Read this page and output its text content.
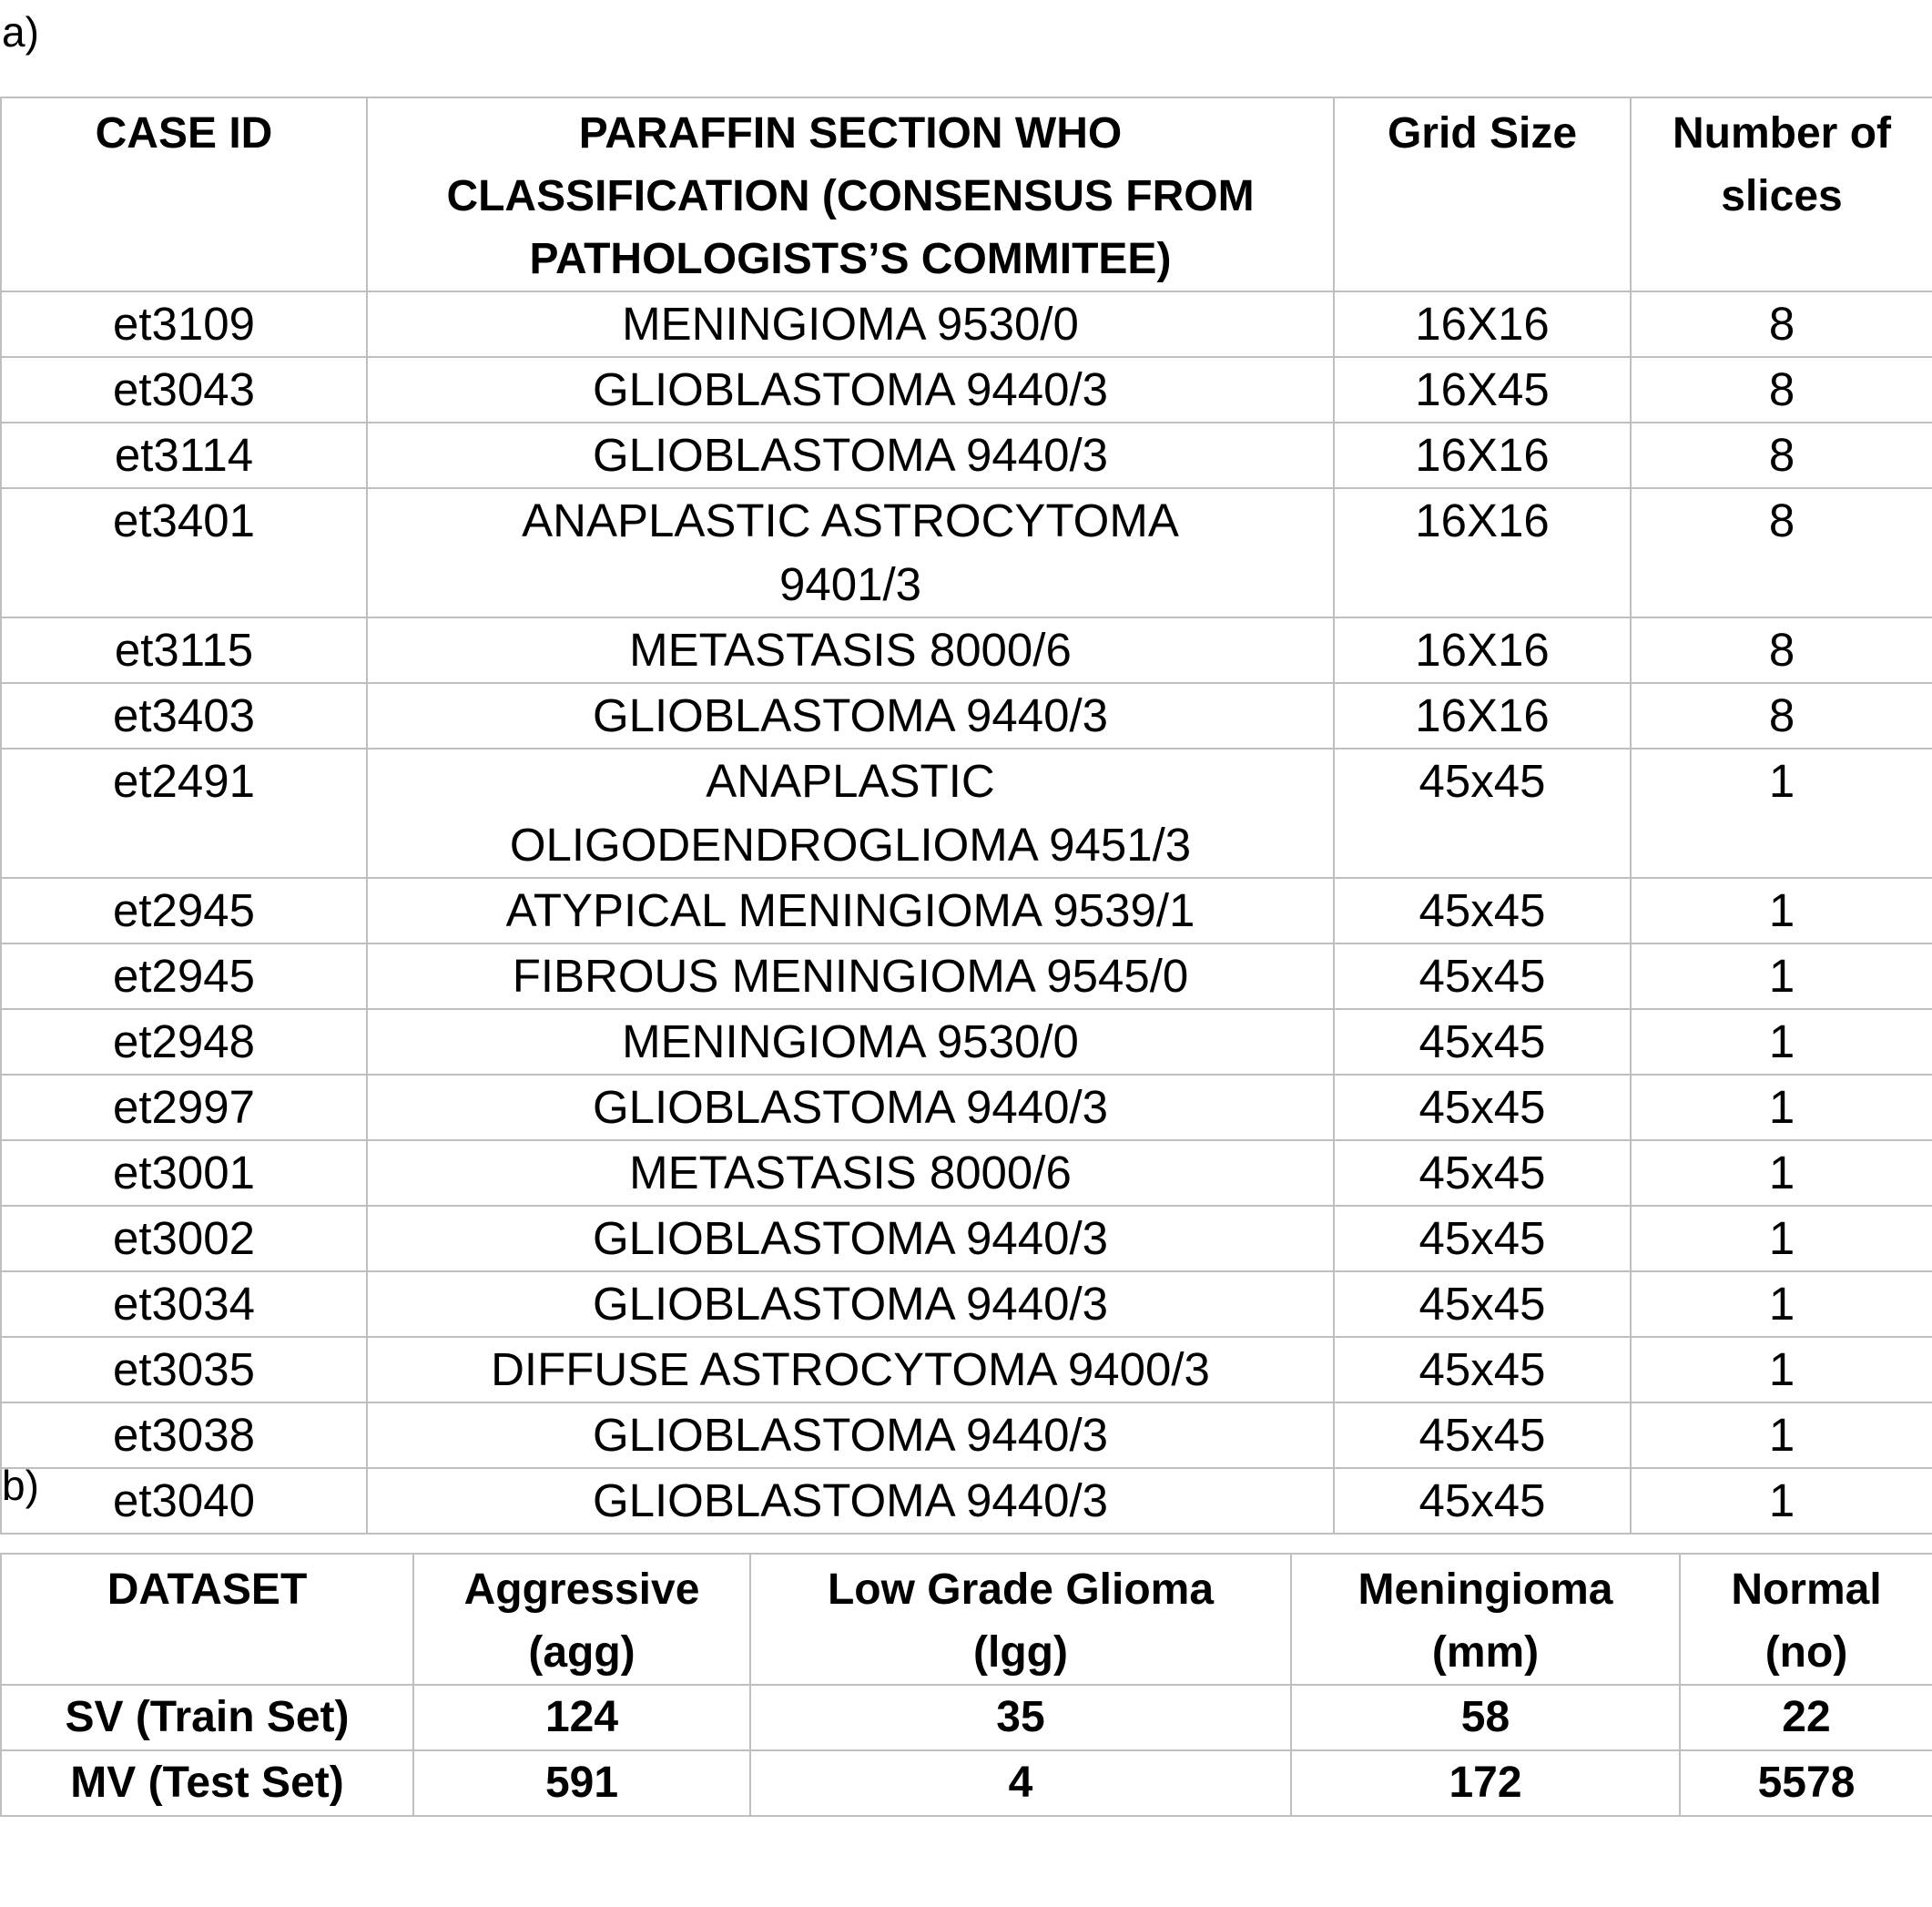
a)
CASE ID	PARAFFIN SECTION WHO CLASSIFICATION (CONSENSUS FROM PATHOLOGISTS’S COMMITEE)	Grid Size	Number of slices
et3109	MENINGIOMA 9530/0	16X16	8
et3043	GLIOBLASTOMA 9440/3	16X45	8
et3114	GLIOBLASTOMA 9440/3	16X16	8
et3401	ANAPLASTIC ASTROCYTOMA 9401/3	16X16	8
et3115	METASTASIS 8000/6	16X16	8
et3403	GLIOBLASTOMA 9440/3	16X16	8
et2491	ANAPLASTIC OLIGODENDROGLIOMA 9451/3	45x45	1
et2945	ATYPICAL MENINGIOMA 9539/1	45x45	1
et2945	FIBROUS MENINGIOMA 9545/0	45x45	1
et2948	MENINGIOMA 9530/0	45x45	1
et2997	GLIOBLASTOMA 9440/3	45x45	1
et3001	METASTASIS 8000/6	45x45	1
et3002	GLIOBLASTOMA 9440/3	45x45	1
et3034	GLIOBLASTOMA 9440/3	45x45	1
et3035	DIFFUSE ASTROCYTOMA 9400/3	45x45	1
et3038	GLIOBLASTOMA 9440/3	45x45	1
et3040	GLIOBLASTOMA 9440/3	45x45	1
b)
DATASET	Aggressive (agg)	Low Grade Glioma (lgg)	Meningioma (mm)	Normal (no)
SV (Train Set)	124	35	58	22
MV (Test Set)	591	4	172	5578
